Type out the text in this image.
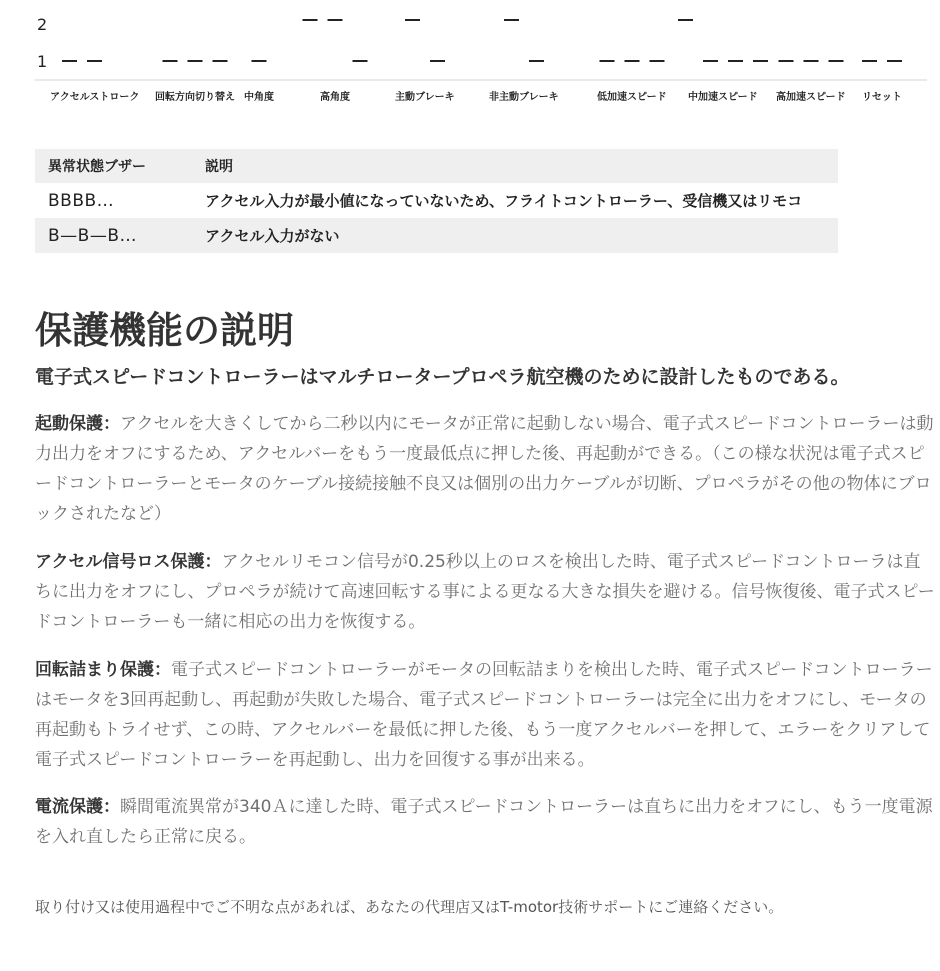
2
1
アクセルストローク 回転方向切り替え 中角度	高角度	主動ブレーキ	非主動ブレーキ	低加速スピード 中加速スピード 高加速スピード リセット
異常状態ブザー	説明
BBBB…	アクセル入力が最小値になっていないため、フライトコントローラー、受信機又はリモコ
B—B—B…	アクセル入力がない
保護機能の説明

電子式スピードコントローラーはマルチロータープロペラ航空機のために設計したものである。

起動保護：アクセルを大きくしてから二秒以内にモータが正常に起動しない場合、電子式スピードコントローラーは動力出力をオフにするため、アクセルバーをもう一度最低点に押した後、再起動ができる。（この様な状況は電子式スピードコントローラーとモータのケーブル接続接触不良又は個別の出力ケーブルが切断、プロペラがその他の物体にブロックされたなど）

アクセル信号ロス保護：アクセルリモコン信号が0.25秒以上のロスを検出した時、電子式スピードコントローラは直ちに出力をオフにし、プロペラが続けて高速回転する事による更なる大きな損失を避ける。信号恢復後、電子式スピードコントローラーも一緒に相応の出力を恢復する。

回転詰まり保護：電子式スピードコントローラーがモータの回転詰まりを検出した時、電子式スピードコントローラーはモータを3回再起動し、再起動が失敗した場合、電子式スピードコントローラーは完全に出力をオフにし、モータの再起動もトライせず、この時、アクセルバーを最低に押した後、もう一度アクセルバーを押して、エラーをクリアして電子式スピードコントローラーを再起動し、出力を回復する事が出来る。

電流保護：瞬間電流異常が340Ａに達した時、電子式スピードコントローラーは直ちに出力をオフにし、もう一度電源を入れ直したら正常に戻る。

取り付け又は使用過程中でご不明な点があれば、あなたの代理店又はT-motor技術サポートにご連絡ください。
